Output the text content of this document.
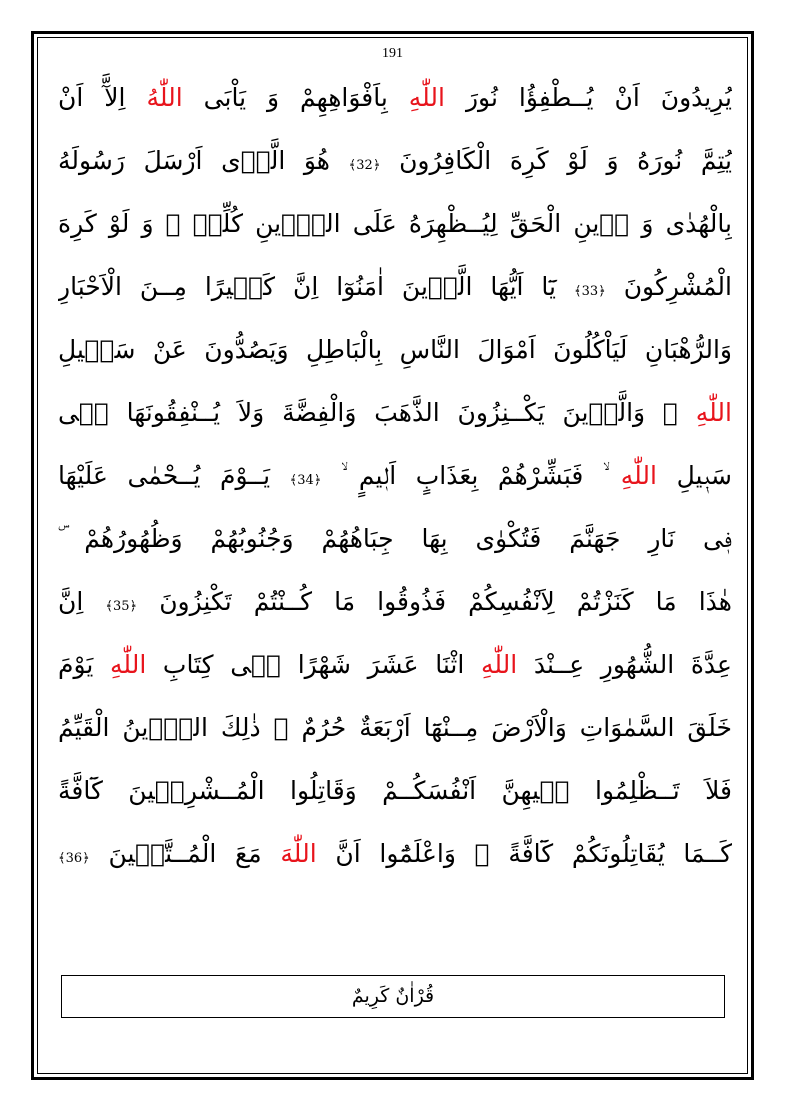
191
يُرِيدُونَ اَنْ يُــطْفِؤُا نُورَ اللّٰهِ بِاَفْوَاهِهِمْ وَ يَاْبَى اللّٰهُ اِلآَّ اَنْ
يُتِمَّ نُورَهُ وَ لَوْ كَرِهَ الْكَافِرُونَ ﴿32﴾ هُوَ الَّذٖى اَرْسَلَ رَسُولَهُ
بِالْهُدٰى وَ دٖينِ الْحَقِّ لِيُــظْهِرَهُ عَلَى الدّٖينِ كُلِّهٖ ۙ وَ لَوْ كَرِهَ
الْمُشْرِكُونَ ﴿33﴾ يَٓا اَيُّهَا الَّذٖينَ اٰمَنُوٓا اِنَّ كَثٖيرًا مِــنَ الْاَحْبَارِ
وَالرُّهْبَانِ لَيَاْكُلُونَ اَمْوَالَ النَّاسِ بِالْبَاطِلِ وَيَصُدُّونَ عَنْ سَبٖيلِ
اللّٰهِ ۜ وَالَّذٖينَ يَكْــنِزُونَ الذَّهَبَ وَالْفِضَّةَ وَلاَ يُــنْفِقُونَهَا فٖى
سَبٖيلِ اللّٰهِ ۙ فَبَشِّرْهُمْ بِعَذَابٍ اَلٖيمٍ ۙ ﴿34﴾ يَــوْمَ يُــحْمٰى عَلَيْهَا
فٖى نَارِ جَهَنَّمَ فَتُكْوٰى بِهَا جِبَاهُهُمْ وَجُنُوبُهُمْ وَظُهُورُهُمْ ۜ
هٰذَا مَا كَنَزْتُمْ لِاَنْفُسِكُمْ فَذُوقُوا مَا كُــنْتُمْ تَكْنِزُونَ ﴿35﴾ اِنَّ
عِدَّةَ الشُّهُورِ عِــنْدَ اللّٰهِ اثْنَا عَشَرَ شَهْرًا فٖى كِتَابِ اللّٰهِ يَوْمَ
خَلَقَ السَّمٰوَاتِ وَالْاَرْضَ مِــنْهَٓا اَرْبَعَةٌ حُرُمٌ ۜ ذٰلِكَ الدّٖينُ الْقَيِّمُ
فَلاَ تَــظْلِمُوا فٖيهِنَّ اَنْفُسَكُــمْ وَقَاتِلُوا الْمُــشْرِكٖينَ كَٓافَّةً
كَــمَا يُقَاتِلُونَكُمْ كَٓافَّةً ۜ وَاعْلَمُٓوا اَنَّ اللّٰهَ مَعَ الْمُــتَّقٖينَ ﴿36﴾
قُرْاٰنٌ كَرِيمٌ
